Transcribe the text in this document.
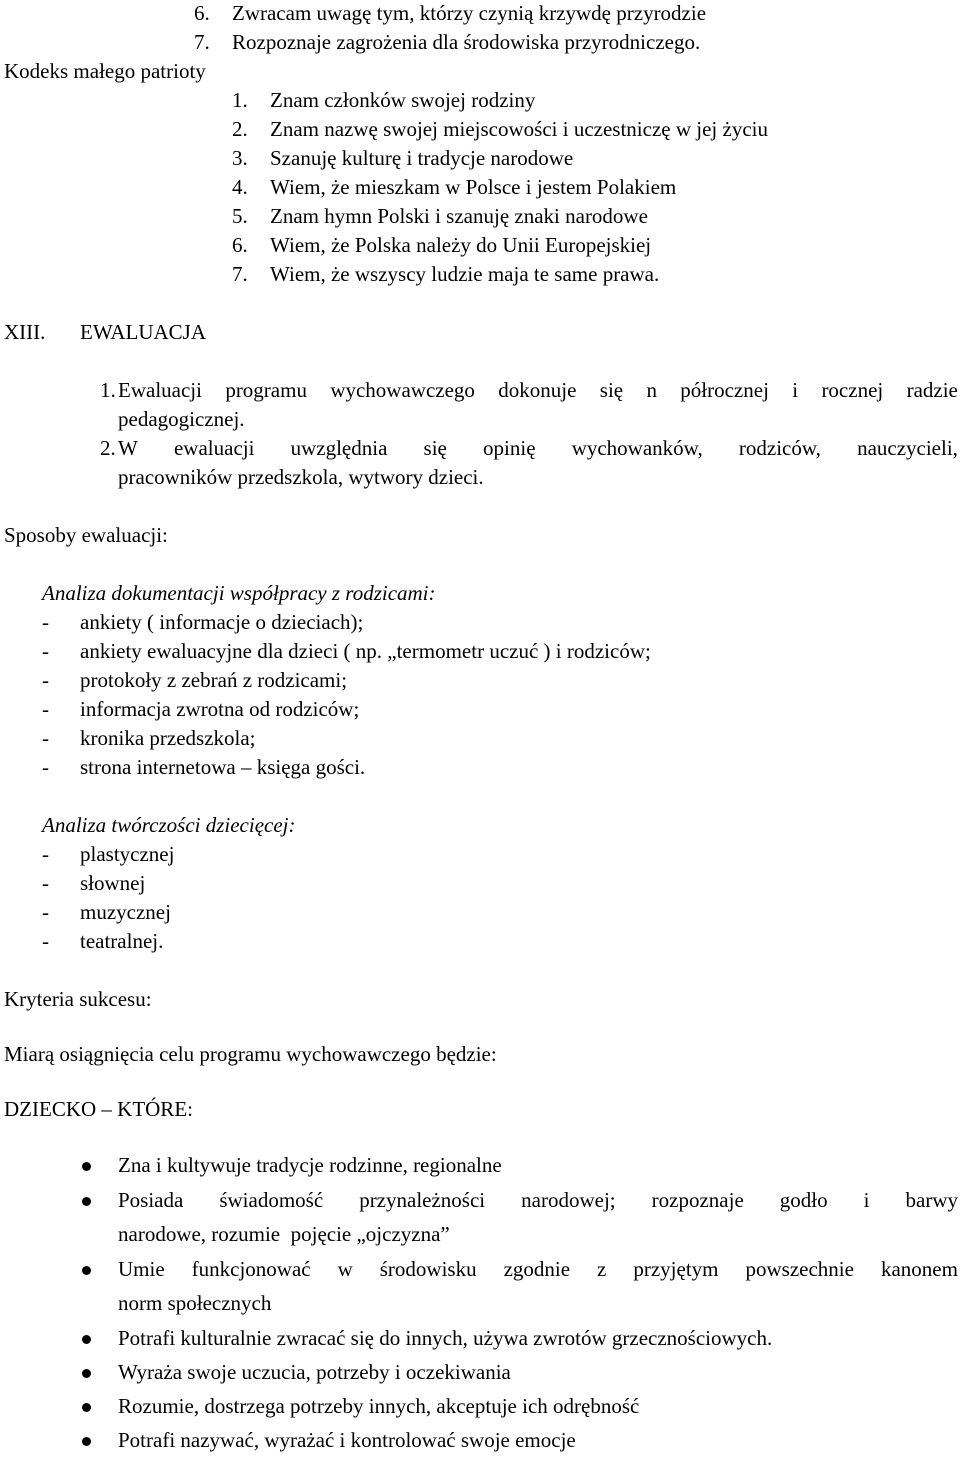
6. Zwracam uwagę tym, którzy czynią krzywdę przyrodzie
7. Rozpoznaje zagrożenia dla środowiska przyrodniczego.
Kodeks małego patrioty
1. Znam członków swojej rodziny
2. Znam nazwę swojej miejscowości i uczestniczę w jej życiu
3. Szanuję kulturę i tradycje narodowe
4. Wiem, że mieszkam w Polsce i jestem Polakiem
5. Znam hymn Polski i szanuję znaki narodowe
6. Wiem, że Polska należy do Unii Europejskiej
7. Wiem, że wszyscy ludzie maja te same prawa.
XIII. EWALUACJA
1. Ewaluacji programu wychowawczego dokonuje się n półrocznej i rocznej radzie
pedagogicznej.
2. W ewaluacji uwzględnia się opinię wychowanków, rodziców, nauczycieli,
pracowników przedszkola, wytwory dzieci.
Sposoby ewaluacji:
Analiza dokumentacji współpracy z rodzicami:
- ankiety ( informacje o dzieciach);
- ankiety ewaluacyjne dla dzieci ( np. „termometr uczuć ) i rodziców;
- protokoły z zebrań z rodzicami;
- informacja zwrotna od rodziców;
- kronika przedszkola;
- strona internetowa – księga gości.
Analiza twórczości dziecięcej:
- plastycznej
- słownej
- muzycznej
- teatralnej.
Kryteria sukcesu:
Miarą osiągnięcia celu programu wychowawczego będzie:
DZIECKO – KTÓRE:
Zna i kultywuje tradycje rodzinne, regionalne
Posiada świadomość przynależności narodowej; rozpoznaje godło i barwy
narodowe, rozumie  pojęcie „ojczyzna”
Umie funkcjonować w środowisku zgodnie z przyjętym powszechnie kanonem
norm społecznych
Potrafi kulturalnie zwracać się do innych, używa zwrotów grzecznościowych.
Wyraża swoje uczucia, potrzeby i oczekiwania
Rozumie, dostrzega potrzeby innych, akceptuje ich odrębność
Potrafi nazywać, wyrażać i kontrolować swoje emocje
